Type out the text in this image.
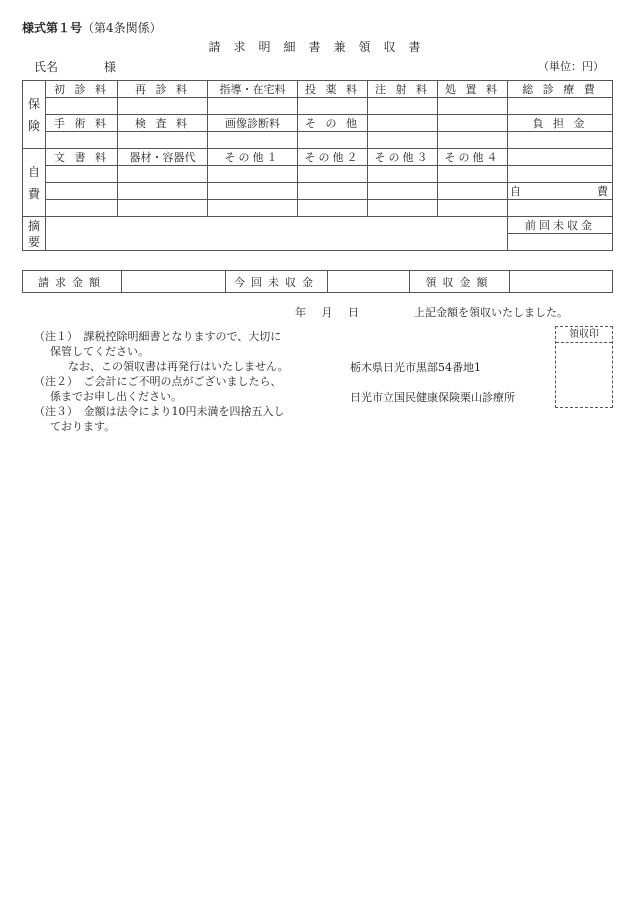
様式第１号（第4条関係）
請求明細書兼領収書
氏名	様	（単位：円）
保険	初 診 料	再 診 料	指導・在宅料	投 薬 料	注 射 料	処 置 料	総 診 療 費

	手 術 料	検 査 料	画像診断料	そ の 他			負 担 金

自費	文 書 料	器材・容器代	その他１	その他２	その他３	その他４	

							自 費

摘要							前回未収金

請求金額		今回未収金		領収金額	
年 月 日	上記金額を領収いたしました。
領収印
（注１）　課税控除明細書となりますので、大切に
保管してください。
なお、この領収書は再発行はいたしません。
（注２）　ご会計にご不明の点がございましたら、
係までお申し出ください。
（注３）　金額は法令により10円未満を四捨五入し
ております。
栃木県日光市黒部54番地1
日光市立国民健康保険栗山診療所
